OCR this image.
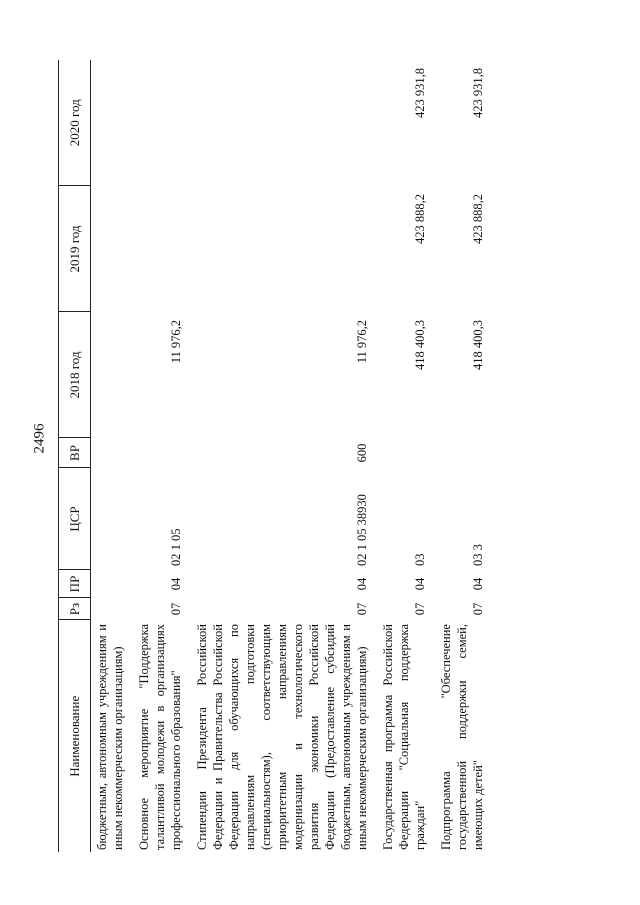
2496
Наименование	Рз	ПР	ЦСР	ВР	2018 год	2019 год	2020 год
бюджетным, автономным учреждениям и иным некоммерческим организациям)							
Основное мероприятие "Поддержка талантливой молодежи в организациях профессионального образования"	07	04	02 1 05		11 976,2		
Стипендии Президента Российской Федерации и Правительства Российской Федерации для обучающихся по направлениям подготовки (специальностям), соответствующим приоритетным направлениям модернизации и технологического развития экономики Российской Федерации (Предоставление субсидий бюджетным, автономным учреждениям и иным некоммерческим организациям)	07	04	02 1 05 38930	600	11 976,2		
Государственная программа Российской Федерации "Социальная поддержка граждан"	07	04	03		418 400,3	423 888,2	423 931,8
Подпрограмма "Обеспечение государственной поддержки семей, имеющих детей"	07	04	03 3		418 400,3	423 888,2	423 931,8
